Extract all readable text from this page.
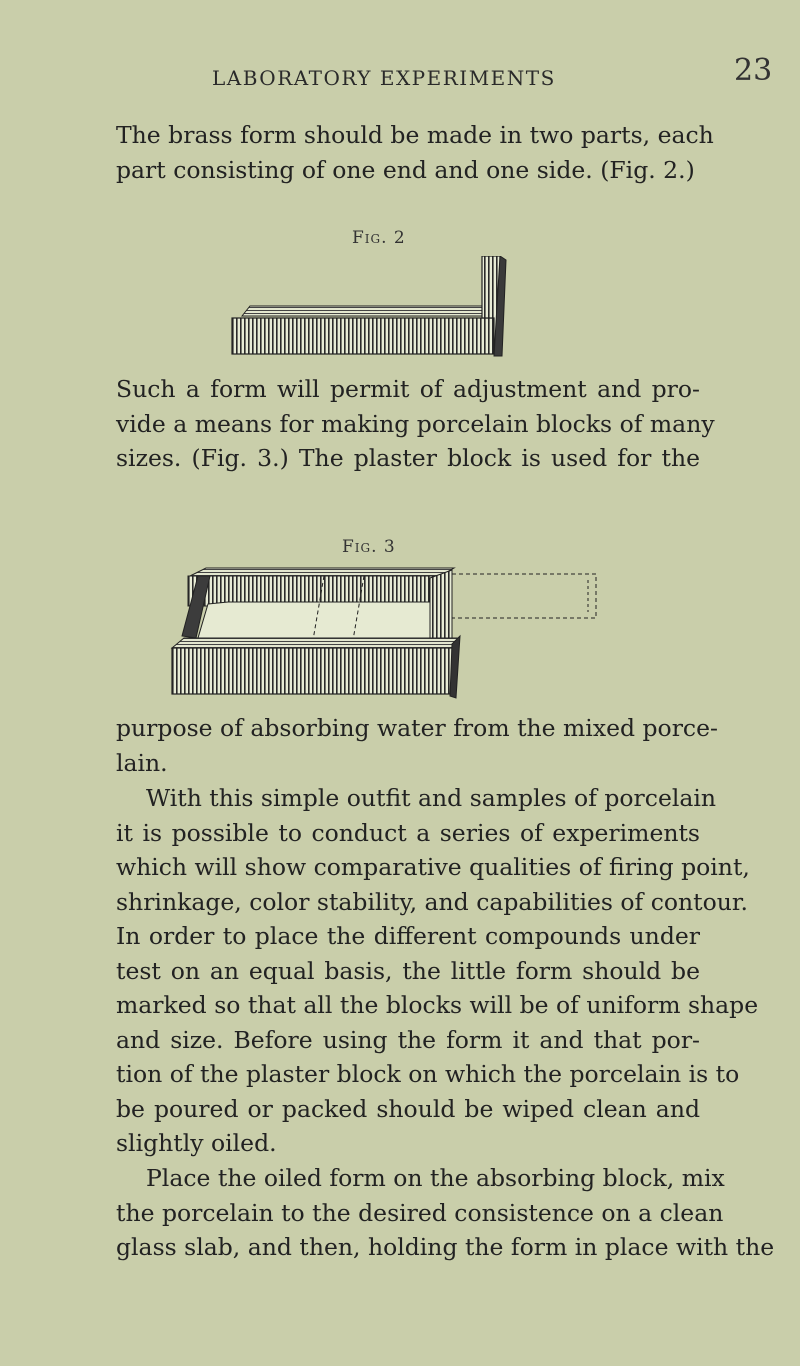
LABORATORY EXPERIMENTS	23
The brass form should be made in two parts, each
part consisting of one end and one side. (Fig. 2.)
Fig. 2
Such a form will permit of adjustment and pro-
vide a means for making porcelain blocks of many
sizes. (Fig. 3.) The plaster block is used for the
Fig. 3
purpose of absorbing water from the mixed porce-
lain.
With this simple outfit and samples of porcelain
it is possible to conduct a series of experiments
which will show comparative qualities of firing point,
shrinkage, color stability, and capabilities of contour.
In order to place the different compounds under
test on an equal basis, the little form should be
marked so that all the blocks will be of uniform shape
and size. Before using the form it and that por-
tion of the plaster block on which the porcelain is to
be poured or packed should be wiped clean and
slightly oiled.
Place the oiled form on the absorbing block, mix
the porcelain to the desired consistence on a clean
glass slab, and then, holding the form in place with the
